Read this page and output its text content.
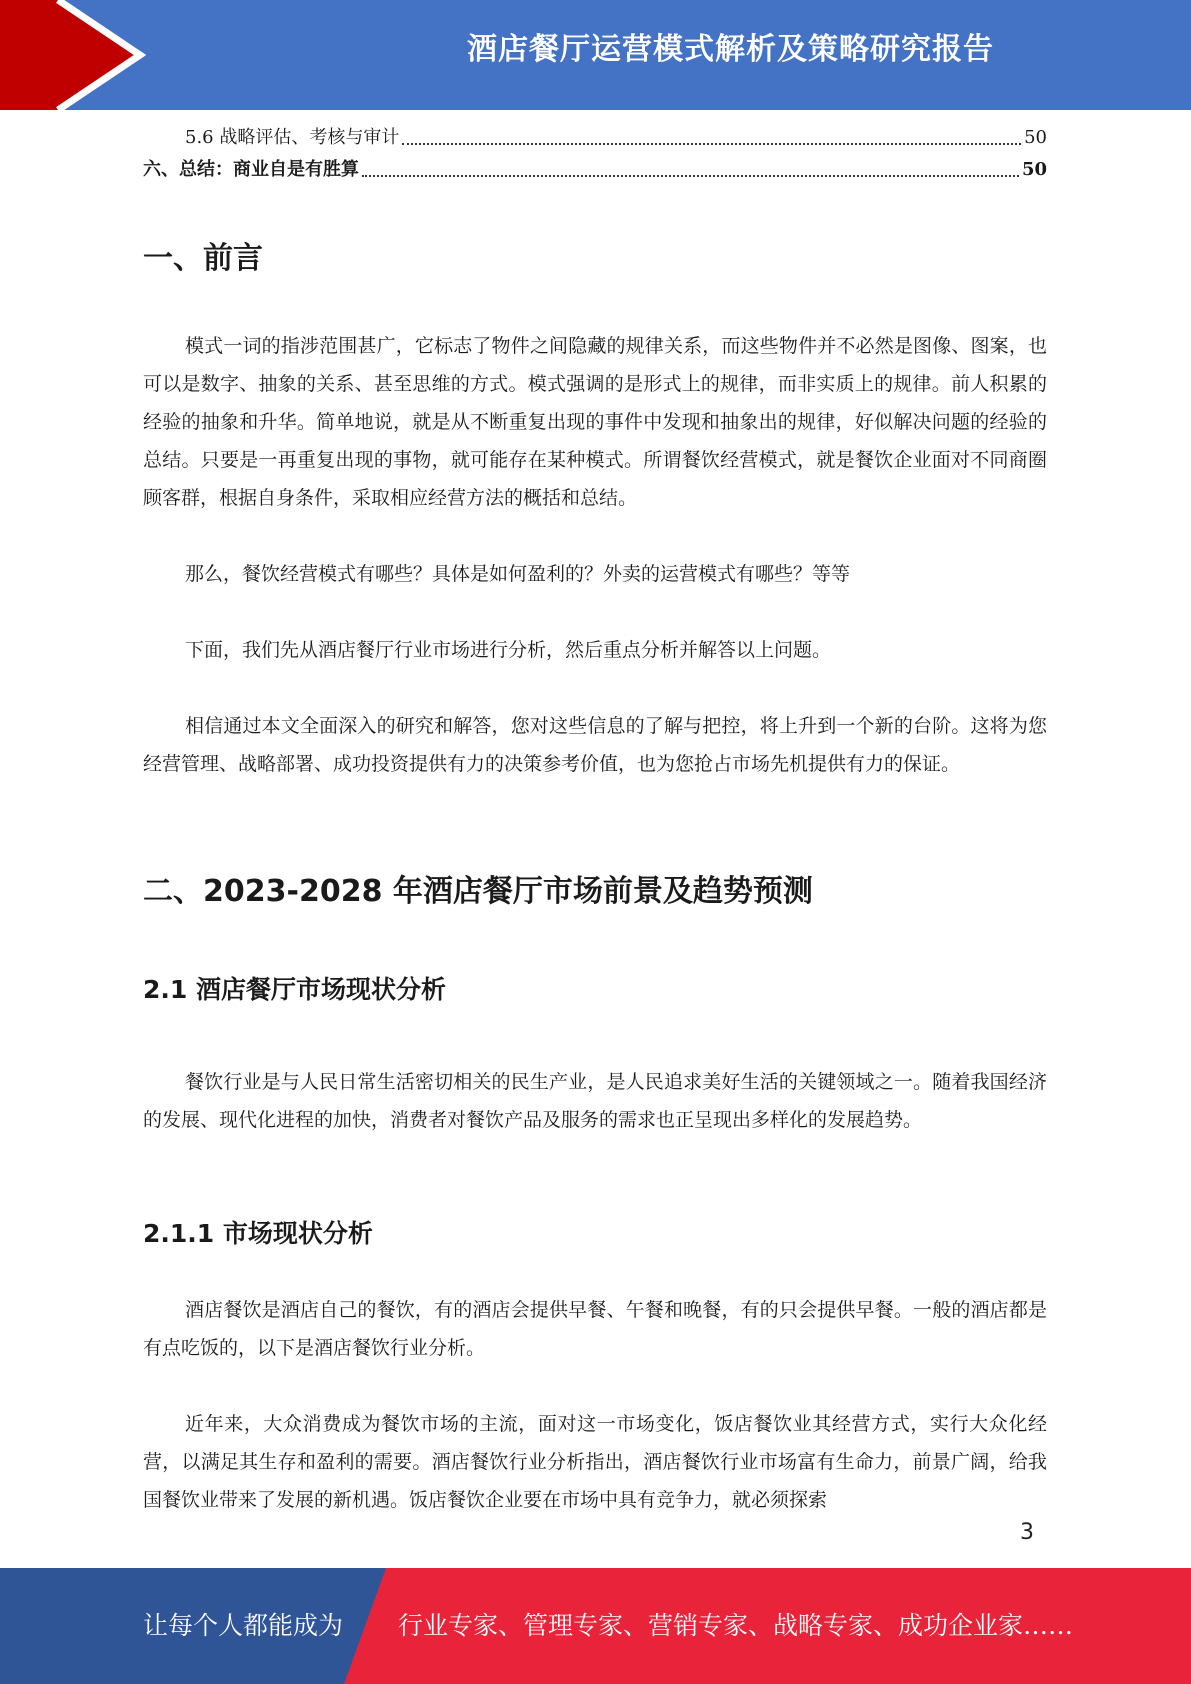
酒店餐厅运营模式解析及策略研究报告
5.6 战略评估、考核与审计	50
六、总结：商业自是有胜算	50
一、前言

模式一词的指涉范围甚广，它标志了物件之间隐藏的规律关系，而这些物件并不必然是图像、图案，也可以是数字、抽象的关系、甚至思维的方式。模式强调的是形式上的规律，而非实质上的规律。前人积累的经验的抽象和升华。简单地说，就是从不断重复出现的事件中发现和抽象出的规律，好似解决问题的经验的总结。只要是一再重复出现的事物，就可能存在某种模式。所谓餐饮经营模式，就是餐饮企业面对不同商圈顾客群，根据自身条件，采取相应经营方法的概括和总结。

那么，餐饮经营模式有哪些？具体是如何盈利的？外卖的运营模式有哪些？等等

下面，我们先从酒店餐厅行业市场进行分析，然后重点分析并解答以上问题。

相信通过本文全面深入的研究和解答，您对这些信息的了解与把控，将上升到一个新的台阶。这将为您经营管理、战略部署、成功投资提供有力的决策参考价值，也为您抢占市场先机提供有力的保证。

二、2023-2028 年酒店餐厅市场前景及趋势预测
2.1 酒店餐厅市场现状分析

餐饮行业是与人民日常生活密切相关的民生产业，是人民追求美好生活的关键领域之一。随着我国经济的发展、现代化进程的加快，消费者对餐饮产品及服务的需求也正呈现出多样化的发展趋势。

2.1.1 市场现状分析

酒店餐饮是酒店自己的餐饮，有的酒店会提供早餐、午餐和晚餐，有的只会提供早餐。一般的酒店都是有点吃饭的，以下是酒店餐饮行业分析。

近年来，大众消费成为餐饮市场的主流，面对这一市场变化，饭店餐饮业其经营方式，实行大众化经营，以满足其生存和盈利的需要。酒店餐饮行业分析指出，酒店餐饮行业市场富有生命力，前景广阔，给我国餐饮业带来了发展的新机遇。饭店餐饮企业要在市场中具有竞争力，就必须探索

3
让每个人都能成为 行业专家、管理专家、营销专家、战略专家、成功企业家……
